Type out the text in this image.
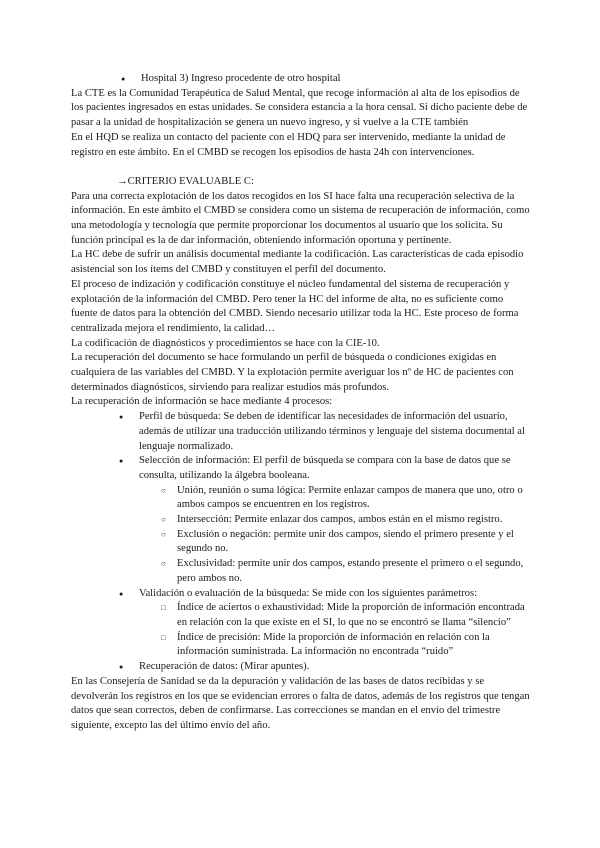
● Hospital 3) Ingreso procedente de otro hospital

La CTE es la Comunidad Terapéutica de Salud Mental, que recoge información al alta de los episodios de los pacientes ingresados en estas unidades. Se considera estancia a la hora censal. Si dicho paciente debe de pasar a la unidad de hospitalización se genera un nuevo ingreso, y si vuelve a la CTE también

En el HQD se realiza un contacto del paciente con el HDQ para ser intervenido, mediante la unidad de registro en este ámbito. En el CMBD se recogen los episodios de hasta 24h con intervenciones.

→CRITERIO EVALUABLE C:

Para una correcta explotación de los datos recogidos en los SI hace falta una recuperación selectiva de la información. En este ámbito el CMBD se considera como un sistema de recuperación de información, como una metodología y tecnología que permite proporcionar los documentos al usuario que los solicita. Su función principal es la de dar información, obteniendo información oportuna y pertinente.

La HC debe de sufrir un análisis documental mediante la codificación. Las características de cada episodio asistencial son los ítems del CMBD y constituyen el perfil del documento.

El proceso de indización y codificación constituye el núcleo fundamental del sistema de recuperación y explotación de la información del CMBD. Pero tener la HC del informe de alta, no es suficiente como fuente de datos para la obtención del CMBD. Siendo necesario utilizar toda la HC. Este proceso de forma centralizada mejora el rendimiento, la calidad…

La codificación de diagnósticos y procedimientos se hace con la CIE-10.

La recuperación del documento se hace formulando un perfil de búsqueda o condiciones exigidas en cualquiera de las variables del CMBD. Y la explotación permite averiguar los nº de HC de pacientes con determinados diagnósticos, sirviendo para realizar estudios más profundos.

La recuperación de información se hace mediante 4 procesos:

● Perfil de búsqueda: Se deben de identificar las necesidades de información del usuario, además de utilizar una traducción utilizando términos y lenguaje del sistema documental al lenguaje normalizado.
● Selección de información: El perfil de búsqueda se compara con la base de datos que se consulta, utilizando la álgebra booleana.
○ Unión, reunión o suma lógica: Permite enlazar campos de manera que uno, otro o ambos campos se encuentren en los registros.
○ Intersección: Permite enlazar dos campos, ambos están en el mismo registro.
○ Exclusión o negación: permite unir dos campos, siendo el primero presente y el segundo no.
○ Exclusividad: permite unir dos campos, estando presente el primero o el segundo, pero ambos no.
● Validación o evaluación de la búsqueda: Se mide con los siguientes parámetros:
□ Índice de aciertos o exhaustividad: Mide la proporción de información encontrada en relación con la que existe en el SI, lo que no se encontró se llama “silencio”
□ Índice de precisión: Mide la proporción de información en relación con la información suministrada. La información no encontrada “ruido”
● Recuperación de datos: (Mirar apuntes).

En las Consejería de Sanidad se da la depuración y validación de las bases de datos recibidas y se devolverán los registros en los que se evidencian errores o falta de datos, además de los registros que tengan datos que sean correctos, deben de confirmarse. Las correcciones se mandan en el envío del trimestre siguiente, excepto las del último envío del año.
